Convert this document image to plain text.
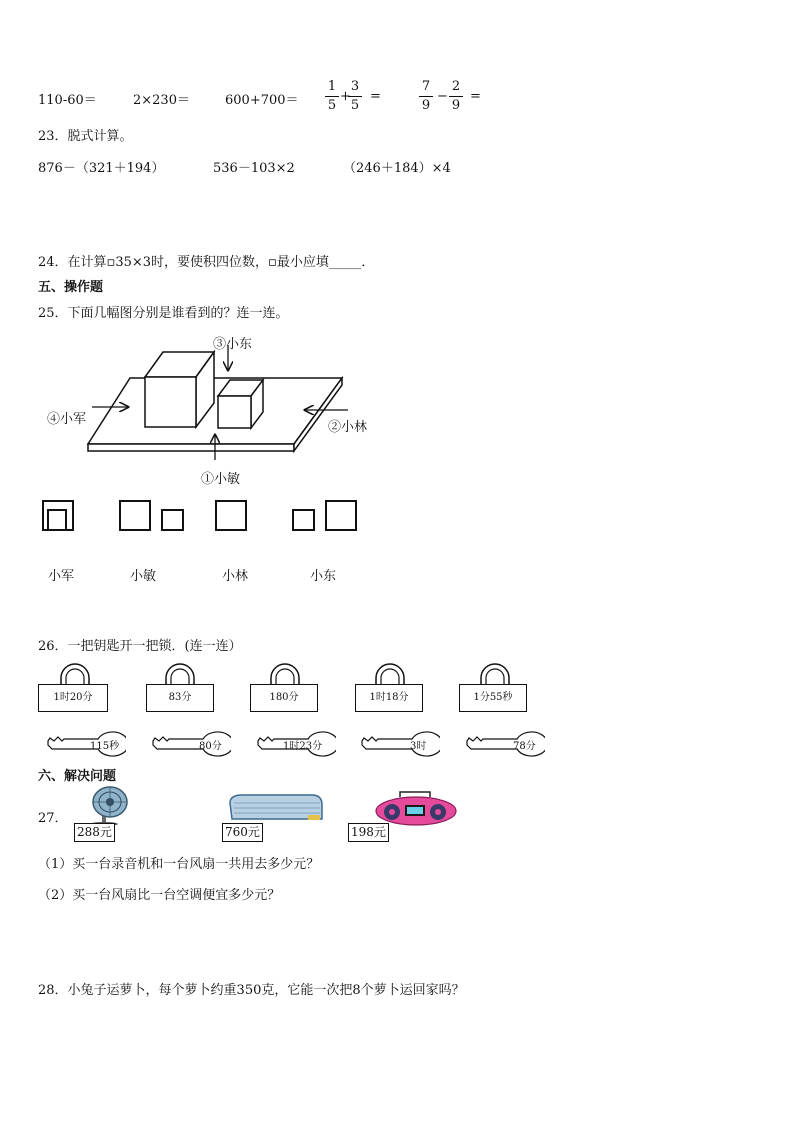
110-60＝	2×230＝	600+700＝
1
5
+
3
5
=
7
9
−
2
9
=
23．脱式计算。
876－（321＋194）	536－103×2	（246＋184）×4
24．在计算▫35×3时，要使积四位数，▫最小应填_____．
五、操作题
25．下面几幅图分别是谁看到的？连一连。
③小东
④小军
②小林
①小敏
小军	小敏	小林	小东
26．一把钥匙开一把锁．(连一连）
1时20分	83分	180分	1时18分	1分55秒
115秒	80分	1时23分	3时	78分
六、解决问题
27．
288元	760元	198元
（1）买一台录音机和一台风扇一共用去多少元？
（2）买一台风扇比一台空调便宜多少元？
28．小兔子运萝卜，每个萝卜约重350克，它能一次把8个萝卜运回家吗？
